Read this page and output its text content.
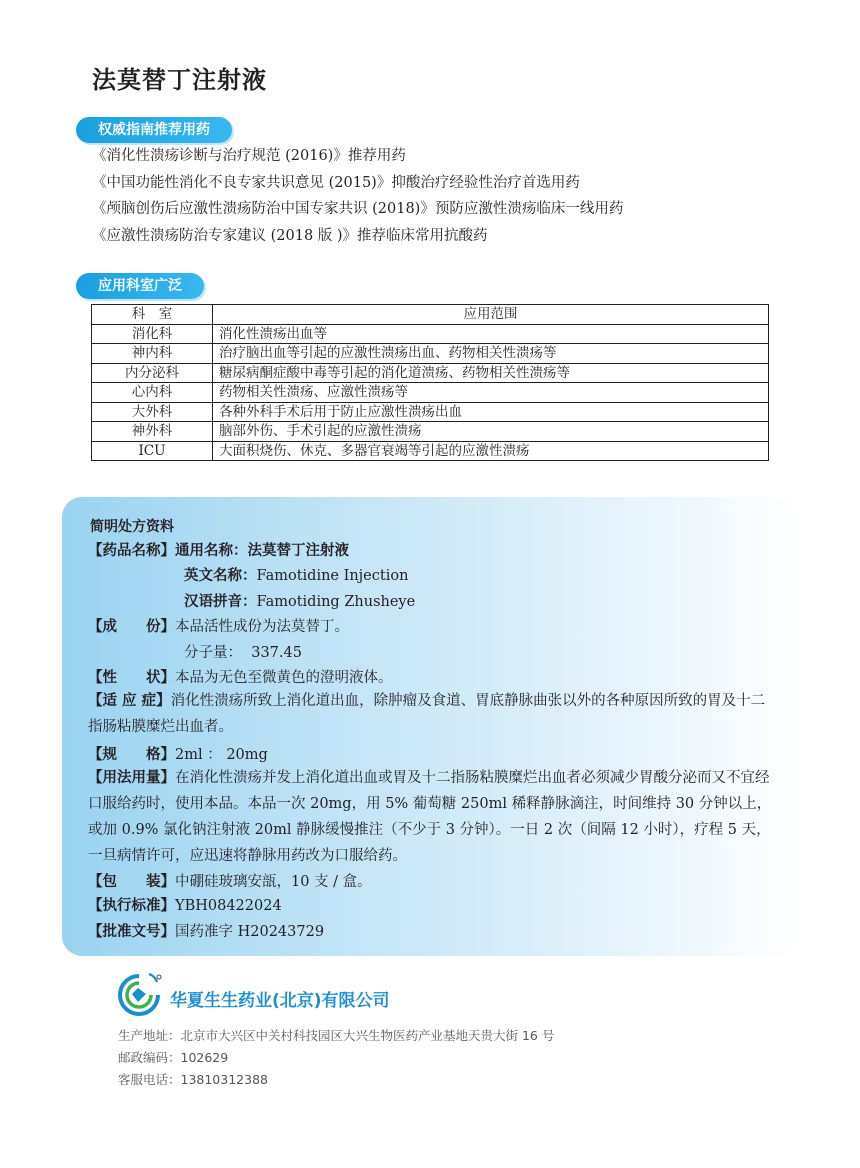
法莫替丁注射液
权威指南推荐用药
《消化性溃疡诊断与治疗规范 (2016)》推荐用药
《中国功能性消化不良专家共识意见 (2015)》抑酸治疗经验性治疗首选用药
《颅脑创伤后应激性溃疡防治中国专家共识 (2018)》预防应激性溃疡临床一线用药
《应激性溃疡防治专家建议 (2018 版 )》推荐临床常用抗酸药
应用科室广泛
科　室	应用范围
消化科	消化性溃疡出血等
神内科	治疗脑出血等引起的应激性溃疡出血、药物相关性溃疡等
内分泌科	糖尿病酮症酸中毒等引起的消化道溃疡、药物相关性溃疡等
心内科	药物相关性溃疡、应激性溃疡等
大外科	各种外科手术后用于防止应激性溃疡出血
神外科	脑部外伤、手术引起的应激性溃疡
ICU	大面积烧伤、休克、多器官衰竭等引起的应激性溃疡
简明处方资料
【药品名称】通用名称：法莫替丁注射液
英文名称：Famotidine Injection
汉语拼音：Famotiding Zhusheye
【成　　份】本品活性成份为法莫替丁。
分子量： 337.45
【性　　状】本品为无色至微黄色的澄明液体。
【适 应 症】消化性溃疡所致上消化道出血，除肿瘤及食道、胃底静脉曲张以外的各种原因所致的胃及十二指肠粘膜糜烂出血者。
【规　　格】2ml ： 20mg
【用法用量】在消化性溃疡并发上消化道出血或胃及十二指肠粘膜糜烂出血者必须减少胃酸分泌而又不宜经口服给药时，使用本品。本品一次 20mg，用 5% 葡萄糖 250ml 稀释静脉滴注，时间维持 30 分钟以上，或加 0.9% 氯化钠注射液 20ml 静脉缓慢推注（不少于 3 分钟）。一日 2 次（间隔 12 小时），疗程 5 天，一旦病情许可，应迅速将静脉用药改为口服给药。
【包　　装】中硼硅玻璃安瓿，10 支 / 盒。
【执行标准】YBH08422024
【批准文号】国药准字 H20243729
华夏生生药业(北京)有限公司
生产地址：北京市大兴区中关村科技园区大兴生物医药产业基地天贵大街 16 号
邮政编码：102629
客服电话：13810312388
